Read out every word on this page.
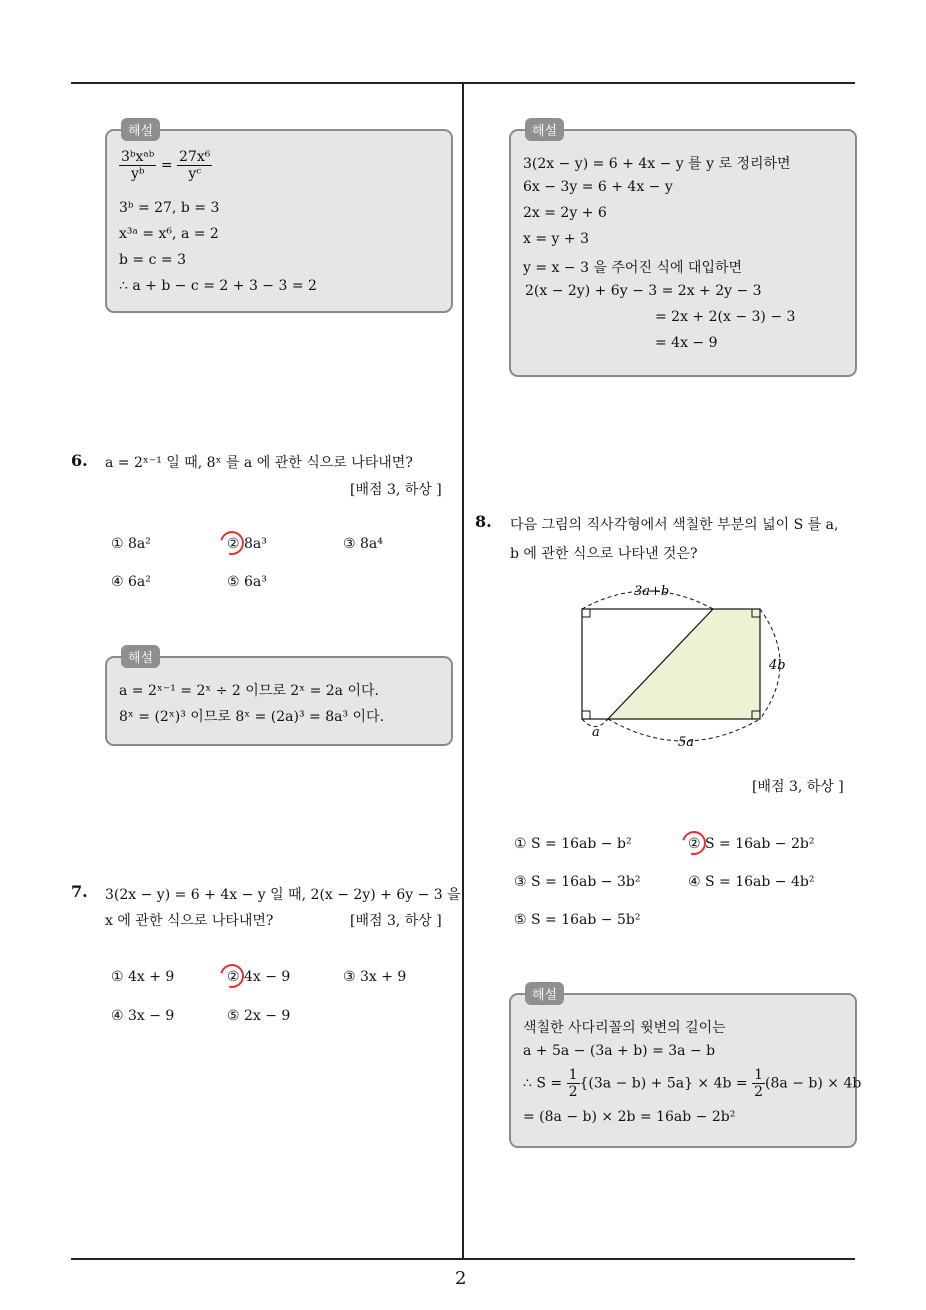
2
해설
$\frac{\text{3ᵇxᵃᵇ}}{\text{yᵇ}} = \frac{\text{27x⁶}}{\text{yᶜ}}$
3ᵇ = 27, b = 3
x³ᵃ = x⁶, a = 2
b = c = 3
∴ a + b − c = 2 + 3 − 3 = 2
6. a = 2ˣ⁻¹ 일 때, 8ˣ 를 a 에 관한 식으로 나타내면?
[배점 3, 하상 ]
① 8a²	② 8a³	③ 8a⁴
④ 6a²	⑤ 6a³
해설
a = 2ˣ⁻¹ = 2ˣ ÷ 2 이므로 2ˣ = 2a 이다.
8ˣ = (2ˣ)³ 이므로 8ˣ = (2a)³ = 8a³ 이다.
7. 3(2x − y) = 6 + 4x − y 일 때, 2(x − 2y) + 6y − 3 을
x 에 관한 식으로 나타내면?	[배점 3, 하상 ]
① 4x + 9	② 4x − 9	③ 3x + 9
④ 3x − 9	⑤ 2x − 9
해설
3(2x − y) = 6 + 4x − y 를 y 로 정리하면
6x − 3y = 6 + 4x − y
2x = 2y + 6
x = y + 3
y = x − 3 을 주어진 식에 대입하면
2(x − 2y) + 6y − 3 = 2x + 2y − 3
= 2x + 2(x − 3) − 3
= 4x − 9
8. 다음 그림의 직사각형에서 색칠한 부분의 넓이 S 를 a,
b 에 관한 식으로 나타낸 것은?
3a+b
4b
a
5a
[배점 3, 하상 ]
① S = 16ab − b²	② S = 16ab − 2b²
③ S = 16ab − 3b²	④ S = 16ab − 4b²
⑤ S = 16ab − 5b²
해설
색칠한 사다리꼴의 윗변의 길이는
a + 5a − (3a + b) = 3a − b
∴ $S = \frac{1}{2} \{(3a - b) + 5a\} \times 4b = \frac{1}{2} (8a - b) \times 4b$
= (8a − b) × 2b = 16ab − 2b²
